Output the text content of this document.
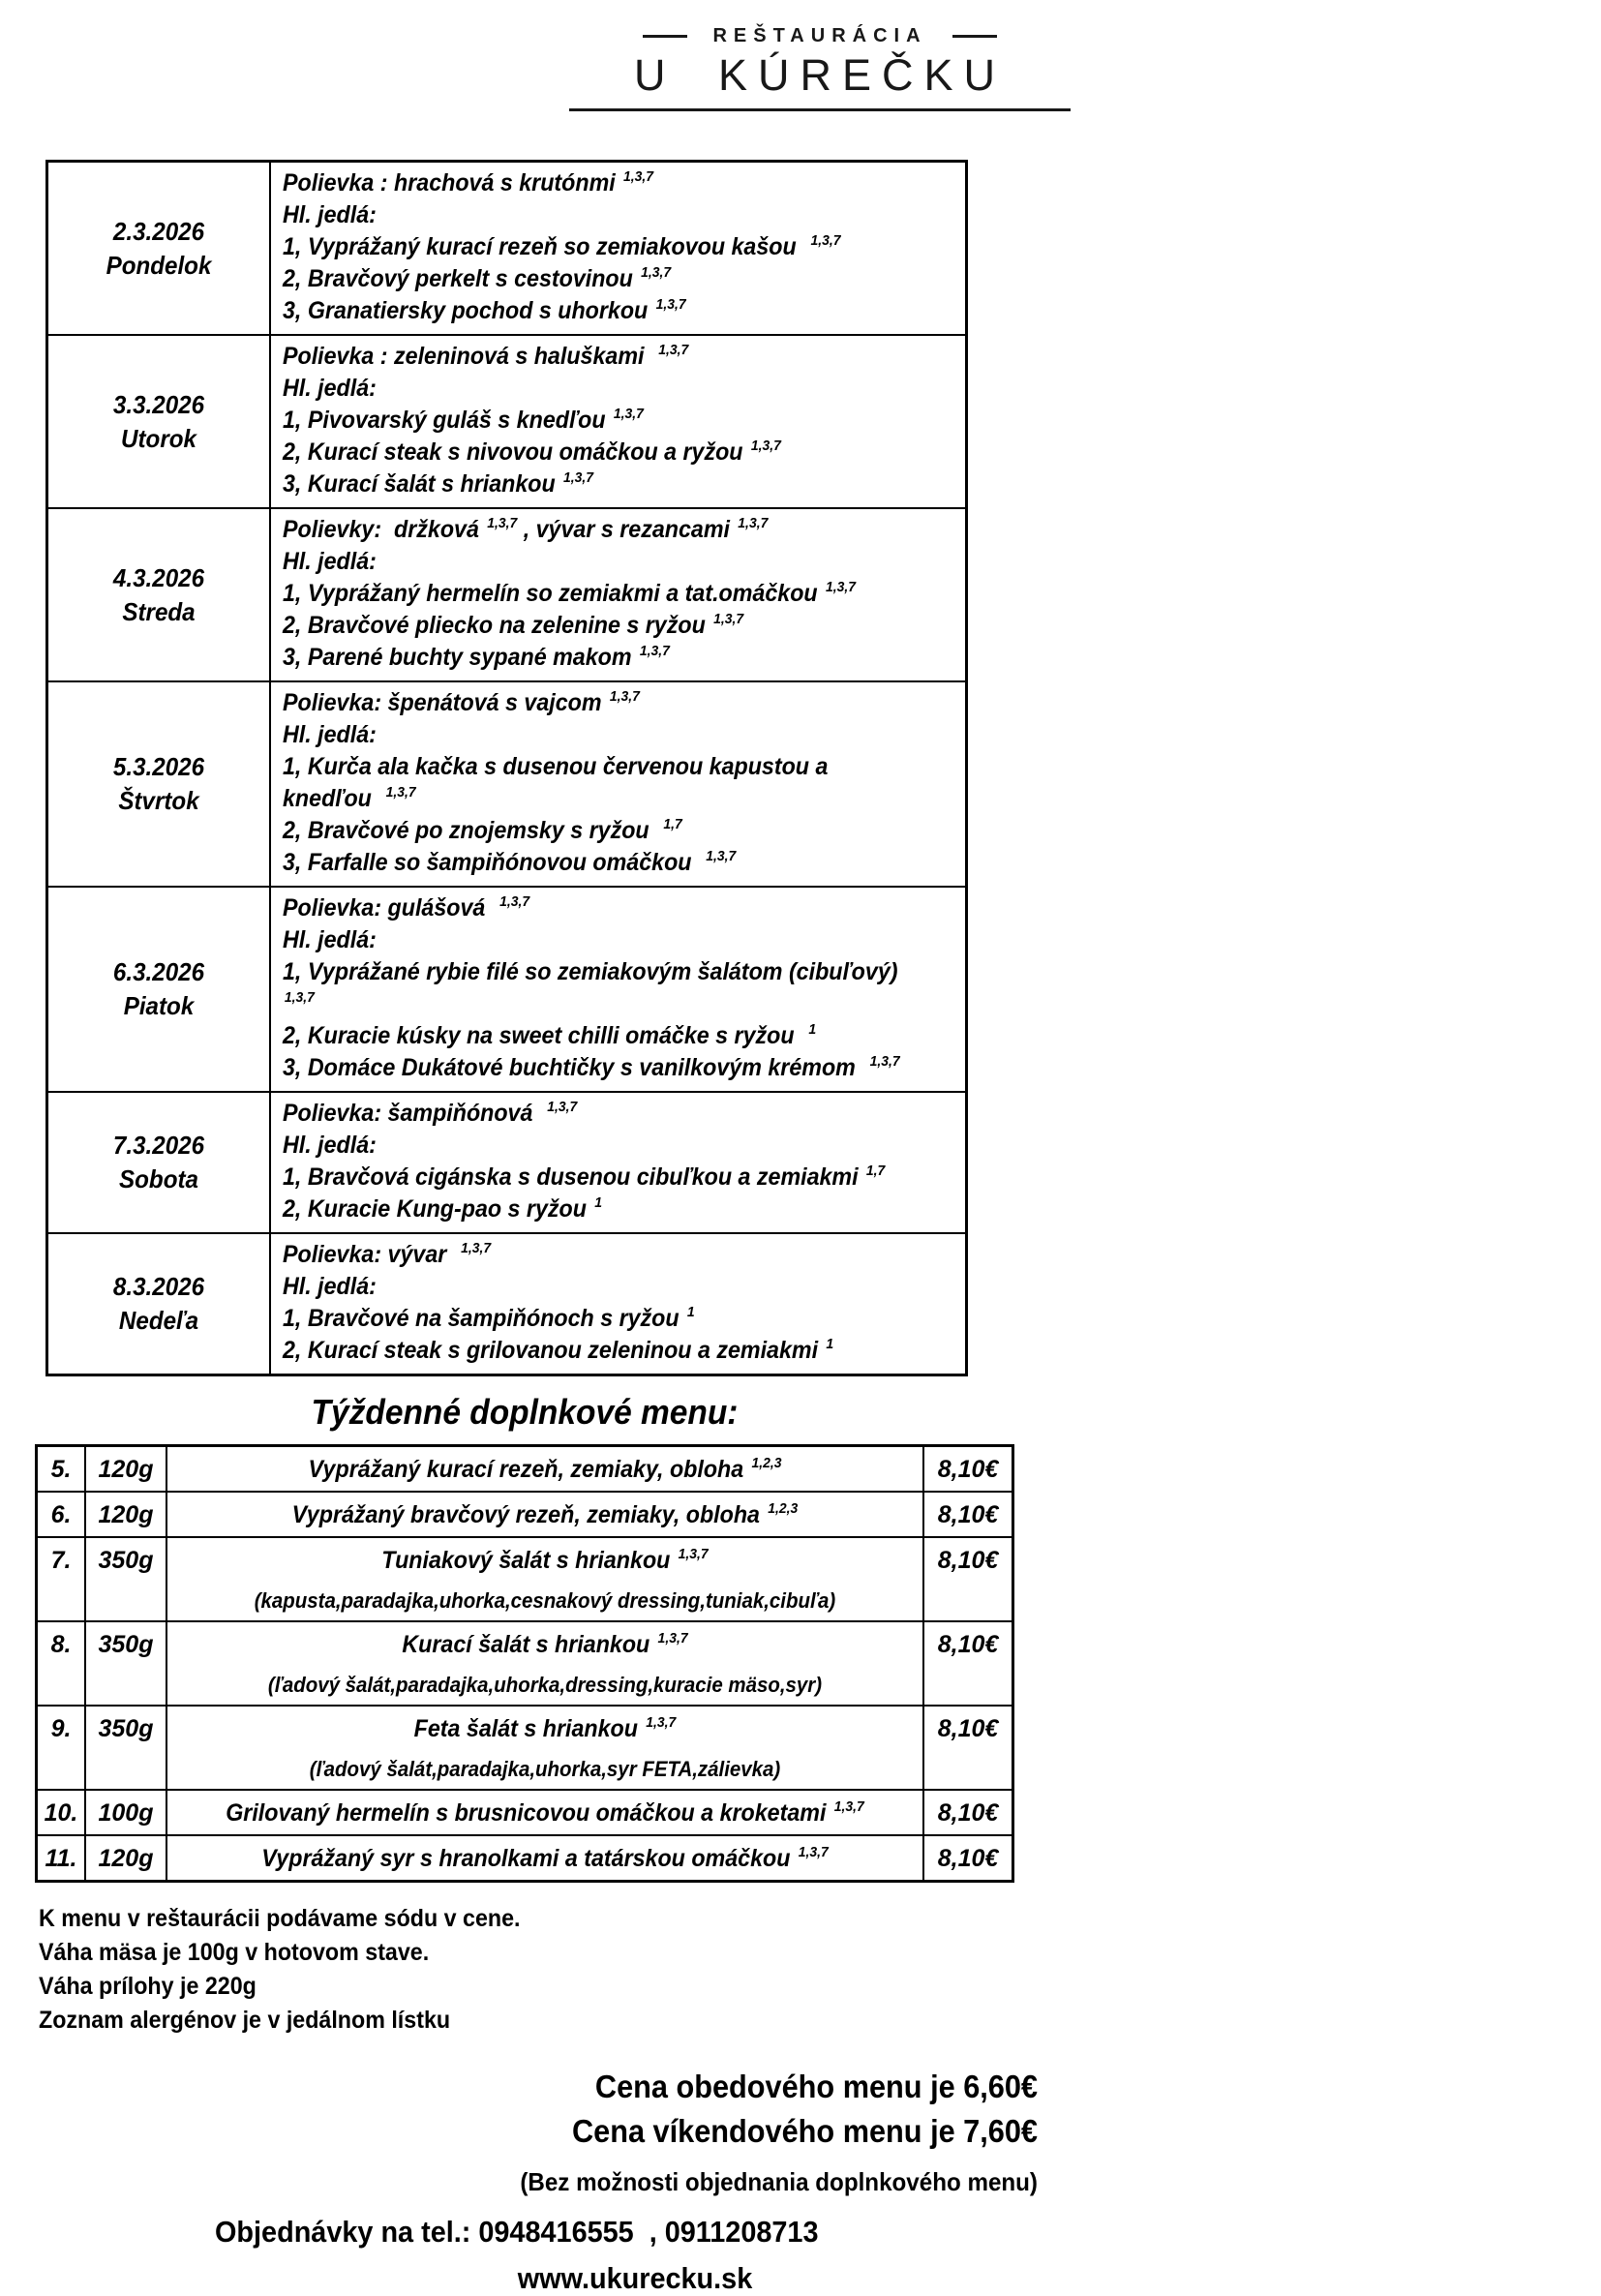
REŠTAURÁCIA
U KÚREČKU
2.3.2026
Pondelok

Polievka : hrachová s krutónmi $^{1,3,7}$
Hl. jedlá:
1, Vyprážaný kurací rezeň so zemiakovou kašou  $^{1,3,7}$
2, Bravčový perkelt s cestovinou $^{1,3,7}$
3, Granatiersky pochod s uhorkou $^{1,3,7}$

3.3.2026
Utorok

Polievka : zeleninová s haluškami  $^{1,3,7}$
Hl. jedlá:
1, Pivovarský guláš s knedľou $^{1,3,7}$
2, Kurací steak s nivovou omáčkou a ryžou $^{1,3,7}$
3, Kurací šalát s hriankou $^{1,3,7}$

4.3.2026
Streda

Polievky:  držková $^{1,3,7}$ , vývar s rezancami $^{1,3,7}$
Hl. jedlá:
1, Vyprážaný hermelín so zemiakmi a tat.omáčkou $^{1,3,7}$
2, Bravčové pliecko na zelenine s ryžou $^{1,3,7}$
3, Parené buchty sypané makom $^{1,3,7}$

5.3.2026
Štvrtok

Polievka: špenátová s vajcom $^{1,3,7}$
Hl. jedlá:
1, Kurča ala kačka s dusenou červenou kapustou a knedľou  $^{1,3,7}$
2, Bravčové po znojemsky s ryžou  $^{1,7}$
3, Farfalle so šampiňónovou omáčkou  $^{1,3,7}$

6.3.2026
Piatok

Polievka: gulášová  $^{1,3,7}$
Hl. jedlá:
1, Vyprážané rybie filé so zemiakovým šalátom (cibuľový)  $^{1,3,7}$
2, Kuracie kúsky na sweet chilli omáčke s ryžou  $^1$
3, Domáce Dukátové buchtičky s vanilkovým krémom  $^{1,3,7}$

7.3.2026
Sobota

Polievka: šampiňónová  $^{1,3,7}$
Hl. jedlá:
1, Bravčová cigánska s dusenou cibuľkou a zemiakmi $^{1,7}$
2, Kuracie Kung-pao s ryžou $^1$

8.3.2026
Nedeľa

Polievka: vývar  $^{1,3,7}$
Hl. jedlá:
1, Bravčové na šampiňónoch s ryžou $^1$
2, Kurací steak s grilovanou zeleninou a zemiakmi $^1$
Týždenné doplnkové menu:
5.	120g	Vyprážaný kurací rezeň, zemiaky, obloha $^{1,2,3}$	8,10€
6.	120g	Vyprážaný bravčový rezeň, zemiaky, obloha $^{1,2,3}$	8,10€
7.	350g	Tuniakový šalát s hriankou $^{1,3,7}$
(kapusta,paradajka,uhorka,cesnakový dressing,tuniak,cibuľa)	8,10€
8.	350g	Kurací šalát s hriankou $^{1,3,7}$
(ľadový šalát,paradajka,uhorka,dressing,kuracie mäso,syr)	8,10€
9.	350g	Feta šalát s hriankou $^{1,3,7}$
(ľadový šalát,paradajka,uhorka,syr FETA,zálievka)	8,10€
10.	100g	Grilovaný hermelín s brusnicovou omáčkou a kroketami $^{1,3,7}$	8,10€
11.	120g	Vyprážaný syr s hranolkami a tatárskou omáčkou $^{1,3,7}$	8,10€
K menu v reštaurácii podávame sódu v cene.
Váha mäsa je 100g v hotovom stave.
Váha prílohy je 220g
Zoznam alergénov je v jedálnom lístku
Cena obedového menu je 6,60€
Cena víkendového menu je 7,60€
(Bez možnosti objednania doplnkového menu)
Objednávky na tel.: 0948416555  , 0911208713
www.ukurecku.sk
